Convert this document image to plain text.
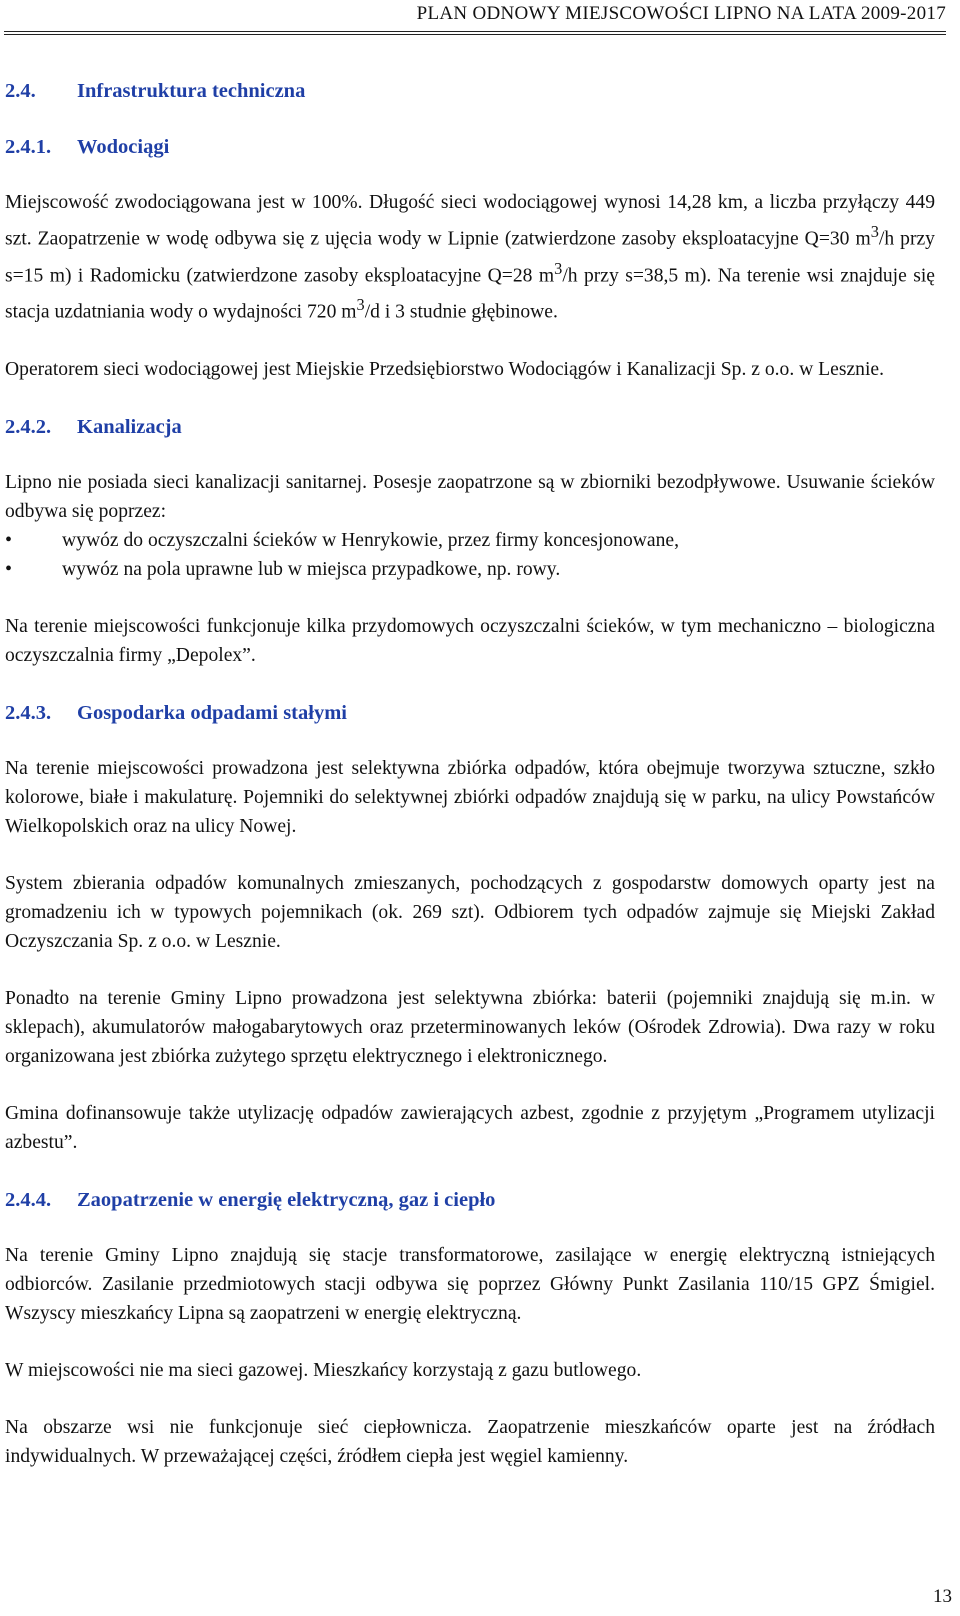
PLAN ODNOWY MIEJSCOWOŚCI LIPNO NA LATA 2009-2017
2.4. Infrastruktura techniczna
2.4.1. Wodociągi

Miejscowość zwodociągowana jest w 100%. Długość sieci wodociągowej wynosi 14,28 km, a liczba przyłączy 449 szt. Zaopatrzenie w wodę odbywa się z ujęcia wody w Lipnie (zatwierdzone zasoby eksploatacyjne Q=30 $m^3/h$ przy s=15 m) i Radomicku (zatwierdzone zasoby eksploatacyjne Q=28 $m^3/h$ przy s=38,5 m). Na terenie wsi znajduje się stacja uzdatniania wody o wydajności 720 $m^3/d$ i 3 studnie głębinowe.

Operatorem sieci wodociągowej jest Miejskie Przedsiębiorstwo Wodociągów i Kanalizacji Sp. z o.o. w Lesznie.

2.4.2. Kanalizacja

Lipno nie posiada sieci kanalizacji sanitarnej. Posesje zaopatrzone są w zbiorniki bezodpływowe. Usuwanie ścieków odbywa się poprzez:

•	wywóz do oczyszczalni ścieków w Henrykowie, przez firmy koncesjonowane,
•	wywóz na pola uprawne lub w miejsca przypadkowe, np. rowy.

Na terenie miejscowości funkcjonuje kilka przydomowych oczyszczalni ścieków, w tym mechaniczno – biologiczna oczyszczalnia firmy „Depolex”.

2.4.3. Gospodarka odpadami stałymi

Na terenie miejscowości prowadzona jest selektywna zbiórka odpadów, która obejmuje tworzywa sztuczne, szkło kolorowe, białe i makulaturę. Pojemniki do selektywnej zbiórki odpadów znajdują się w parku, na ulicy Powstańców Wielkopolskich oraz na ulicy Nowej.

System zbierania odpadów komunalnych zmieszanych, pochodzących z gospodarstw domowych oparty jest na gromadzeniu ich w typowych pojemnikach (ok. 269 szt). Odbiorem tych odpadów zajmuje się Miejski Zakład Oczyszczania Sp. z o.o. w Lesznie.

Ponadto na terenie Gminy Lipno prowadzona jest selektywna zbiórka: baterii (pojemniki znajdują się m.in. w sklepach), akumulatorów małogabarytowych oraz przeterminowanych leków (Ośrodek Zdrowia). Dwa razy w roku organizowana jest zbiórka zużytego sprzętu elektrycznego i elektronicznego.

Gmina dofinansowuje także utylizację odpadów zawierających azbest, zgodnie z przyjętym „Programem utylizacji azbestu”.

2.4.4. Zaopatrzenie w energię elektryczną, gaz i ciepło

Na terenie Gminy Lipno znajdują się stacje transformatorowe, zasilające w energię elektryczną istniejących odbiorców. Zasilanie przedmiotowych stacji odbywa się poprzez Główny Punkt Zasilania 110/15 GPZ Śmigiel. Wszyscy mieszkańcy Lipna są zaopatrzeni w energię elektryczną.

W miejscowości nie ma sieci gazowej. Mieszkańcy korzystają z gazu butlowego.

Na obszarze wsi nie funkcjonuje sieć ciepłownicza. Zaopatrzenie mieszkańców oparte jest na źródłach indywidualnych. W przeważającej części, źródłem ciepła jest węgiel kamienny.

13
